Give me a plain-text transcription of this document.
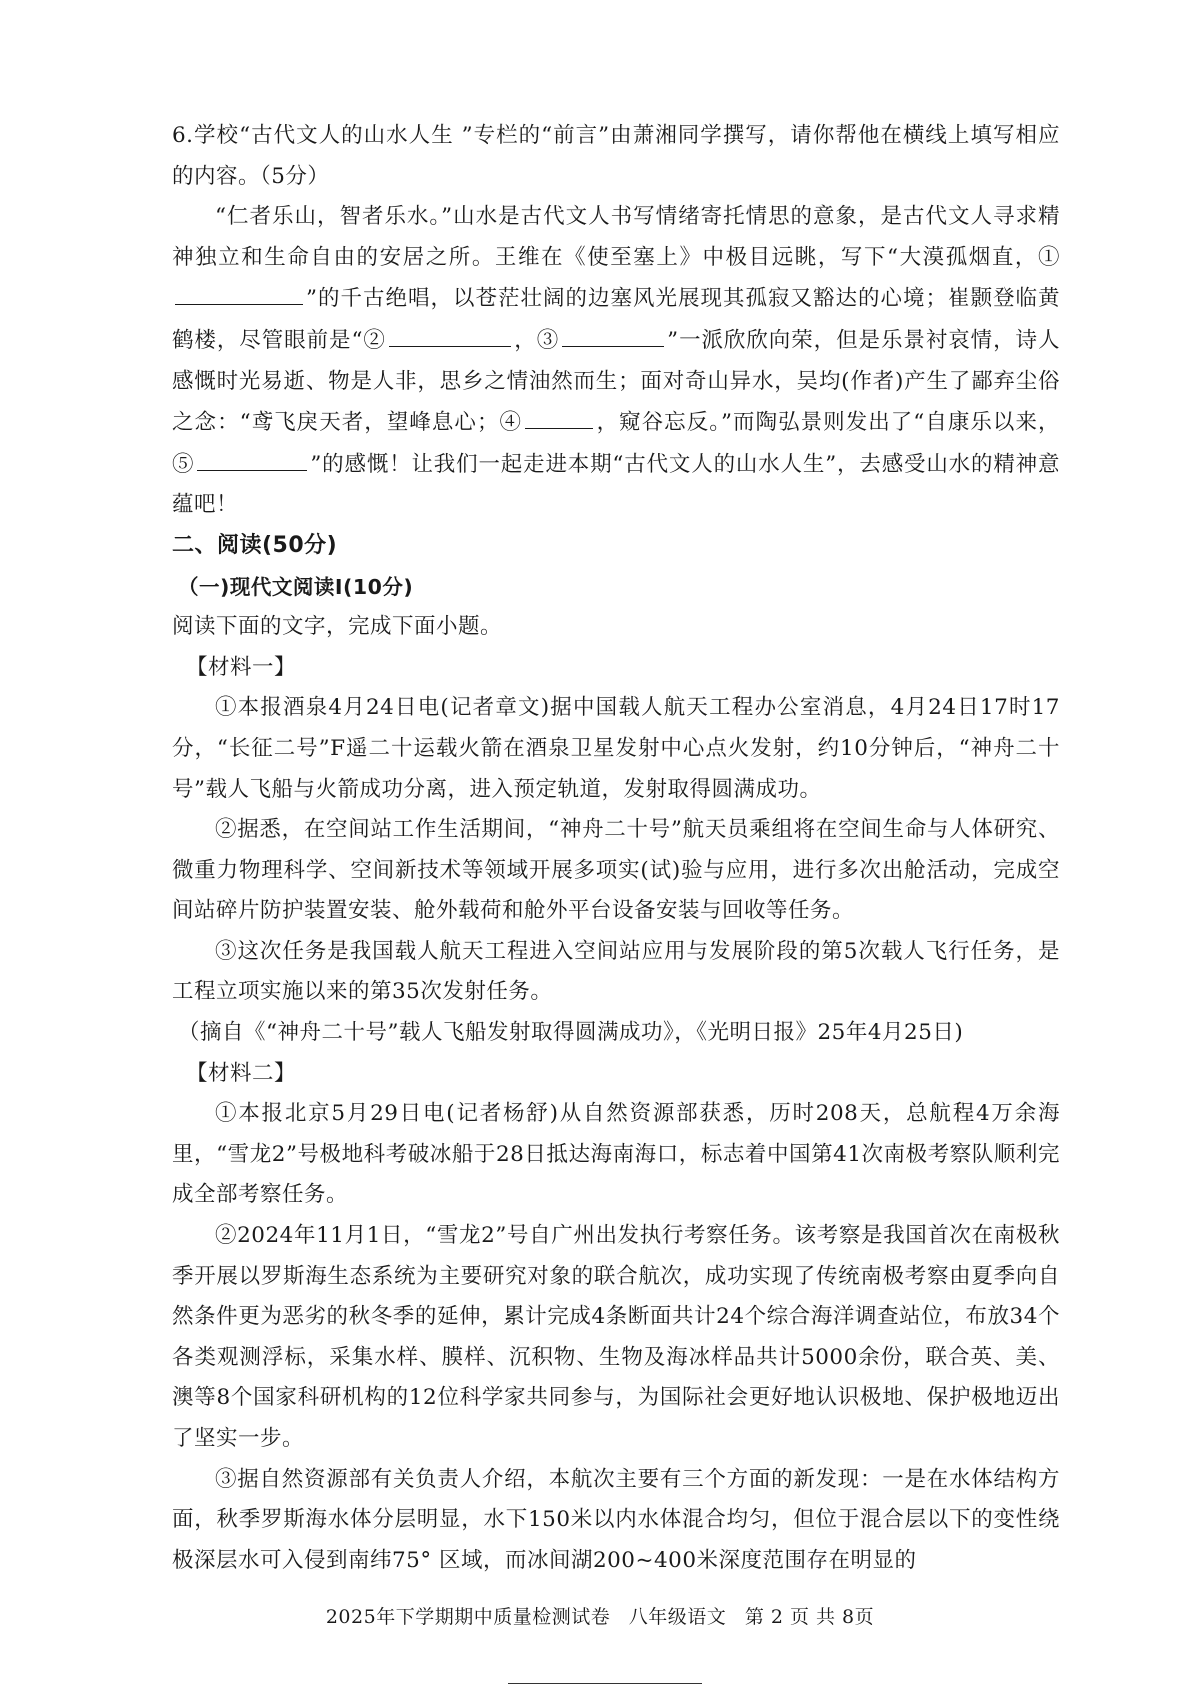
6.学校“古代文人的山水人生 ”专栏的“前言”由萧湘同学撰写，请你帮他在横线上填写相应的内容。（5分）

“仁者乐山，智者乐水。”山水是古代文人书写情绪寄托情思的意象，是古代文人寻求精神独立和生命自由的安居之所。王维在《使至塞上》中极目远眺，写下“大漠孤烟直，①”的千古绝唱，以苍茫壮阔的边塞风光展现其孤寂又豁达的心境；崔颢登临黄鹤楼，尽管眼前是“②	，③	”一派欣欣向荣，但是乐景衬哀情，诗人感慨时光易逝、物是人非，思乡之情油然而生；面对奇山异水，吴均(作者)产生了鄙弃尘俗之念：“鸢飞戾天者，望峰息心；④	，窥谷忘反。”而陶弘景则发出了“自康乐以来，⑤	”的感慨！让我们一起走进本期“古代文人的山水人生”，去感受山水的精神意蕴吧！

二、阅读(50分)

（一)现代文阅读Ⅰ(10分)

阅读下面的文字，完成下面小题。

【材料一】

①本报酒泉4月24日电(记者章文)据中国载人航天工程办公室消息，4月24日17时17分，“长征二号”F遥二十运载火箭在酒泉卫星发射中心点火发射，约10分钟后，“神舟二十号”载人飞船与火箭成功分离，进入预定轨道，发射取得圆满成功。

②据悉，在空间站工作生活期间，“神舟二十号”航天员乘组将在空间生命与人体研究、微重力物理科学、空间新技术等领域开展多项实(试)验与应用，进行多次出舱活动，完成空间站碎片防护装置安装、舱外载荷和舱外平台设备安装与回收等任务。

③这次任务是我国载人航天工程进入空间站应用与发展阶段的第5次载人飞行任务，是工程立项实施以来的第35次发射任务。

（摘自《“神舟二十号”载人飞船发射取得圆满成功》，《光明日报》25年4月25日)

【材料二】

①本报北京5月29日电(记者杨舒)从自然资源部获悉，历时208天，总航程4万余海里，“雪龙2”号极地科考破冰船于28日抵达海南海口，标志着中国第41次南极考察队顺利完成全部考察任务。

②2024年11月1日，“雪龙2”号自广州出发执行考察任务。该考察是我国首次在南极秋季开展以罗斯海生态系统为主要研究对象的联合航次，成功实现了传统南极考察由夏季向自然条件更为恶劣的秋冬季的延伸，累计完成4条断面共计24个综合海洋调查站位，布放34个各类观测浮标，采集水样、膜样、沉积物、生物及海冰样品共计5000余份，联合英、美、澳等8个国家科研机构的12位科学家共同参与，为国际社会更好地认识极地、保护极地迈出了坚实一步。

③据自然资源部有关负责人介绍，本航次主要有三个方面的新发现：一是在水体结构方面，秋季罗斯海水体分层明显，水下150米以内水体混合均匀，但位于混合层以下的变性绕极深层水可入侵到南纬75° 区域，而冰间湖200~400米深度范围存在明显的

2025年下学期期中质量检测试卷 八年级语文 第 2 页 共 8页
